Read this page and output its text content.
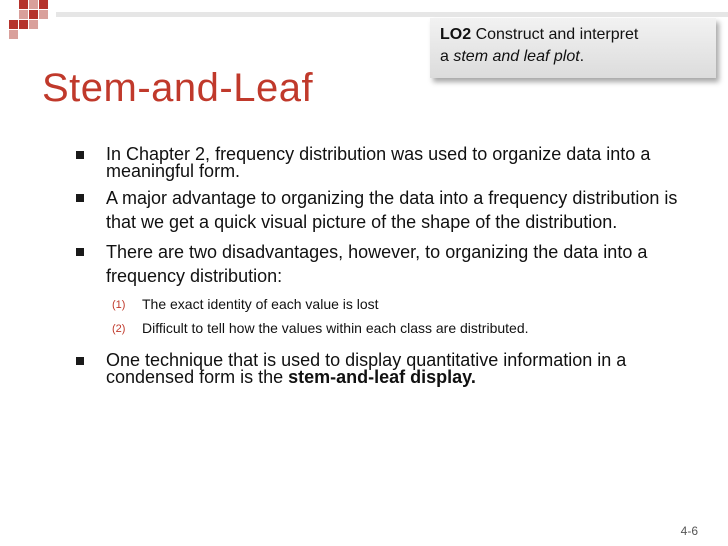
LO2 Construct and interpret
a stem and leaf plot.
Stem-and-Leaf
In Chapter 2, frequency distribution was used to organize data into a meaningful form.
A major advantage to organizing the data into a frequency distribution is that we get a quick visual picture of the shape of the distribution.
There are two disadvantages, however, to organizing the data into a frequency distribution:
(1) The exact identity of each value is lost
(2) Difficult to tell how the values within each class are distributed.
One technique that is used to display quantitative information in a condensed form is the stem-and-leaf display.
4-6
